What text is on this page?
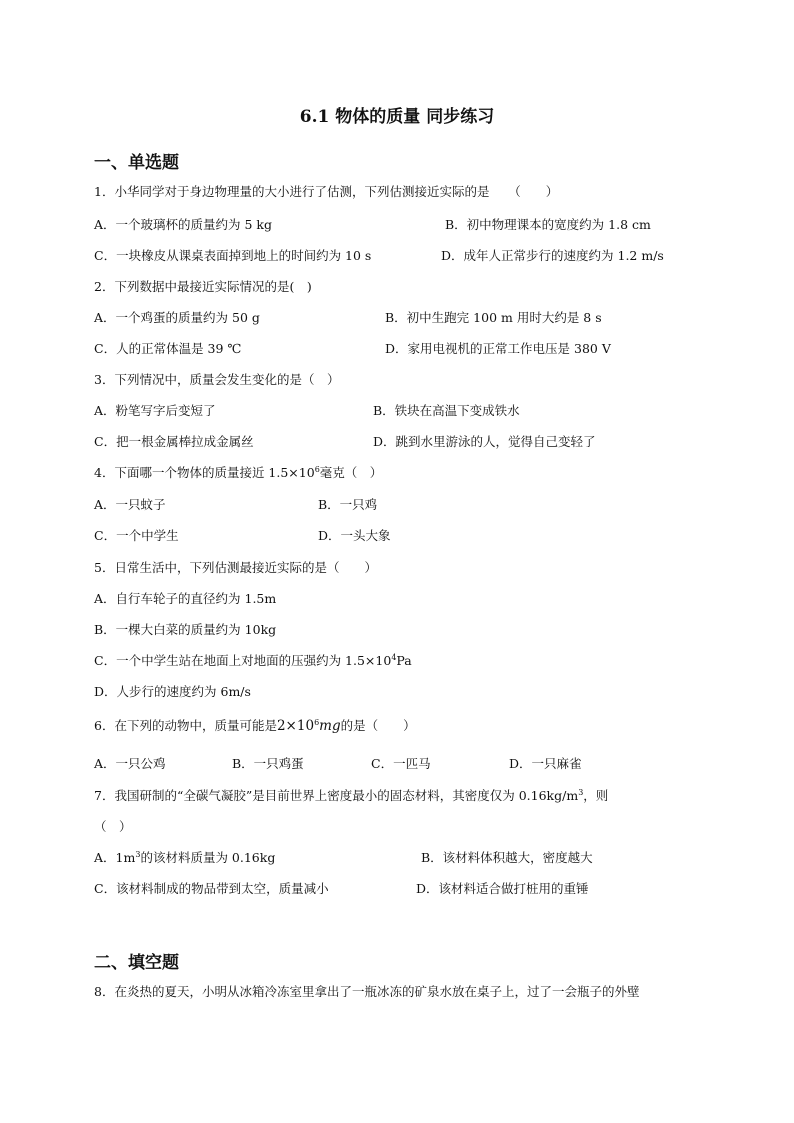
6.1 物体的质量 同步练习
一、单选题
1．小华同学对于身边物理量的大小进行了估测，下列估测接近实际的是　　（　　）
A．一个玻璃杯的质量约为 5 kg	B．初中物理课本的宽度约为 1.8 cm
C．一块橡皮从课桌表面掉到地上的时间约为 10 s	D．成年人正常步行的速度约为 1.2 m/s
2．下列数据中最接近实际情况的是(　)
A．一个鸡蛋的质量约为 50 g	B．初中生跑完 100 m 用时大约是 8 s
C．人的正常体温是 39 ℃	D．家用电视机的正常工作电压是 380 V
3．下列情况中，质量会发生变化的是（　）
A．粉笔写字后变短了	B．铁块在高温下变成铁水
C．把一根金属棒拉成金属丝	D．跳到水里游泳的人，觉得自己变轻了
4．下面哪一个物体的质量接近 $1.5\times 10^6$毫克（　）
A．一只蚊子	B．一只鸡
C．一个中学生	D．一头大象
5．日常生活中，下列估测最接近实际的是（　　）
A．自行车轮子的直径约为 1.5m
B．一棵大白菜的质量约为 10kg
C．一个中学生站在地面上对地面的压强约为 $1.5\times 10^4Pa$
D．人步行的速度约为 6m/s
6．在下列的动物中，质量可能是$2\times 10^6mg$的是（　　）
A．一只公鸡	B．一只鸡蛋	C．一匹马	D．一只麻雀
7．我国研制的“全碳气凝胶”是目前世界上密度最小的固态材料，其密度仅为 $0.16kg/m^3$，则
（　）
A．$1m^3$的该材料质量为 0.16kg	B．该材料体积越大，密度越大
C．该材料制成的物品带到太空，质量减小	D．该材料适合做打桩用的重锤
二、填空题
8．在炎热的夏天，小明从冰箱冷冻室里拿出了一瓶冰冻的矿泉水放在桌子上，过了一会瓶子的外壁
